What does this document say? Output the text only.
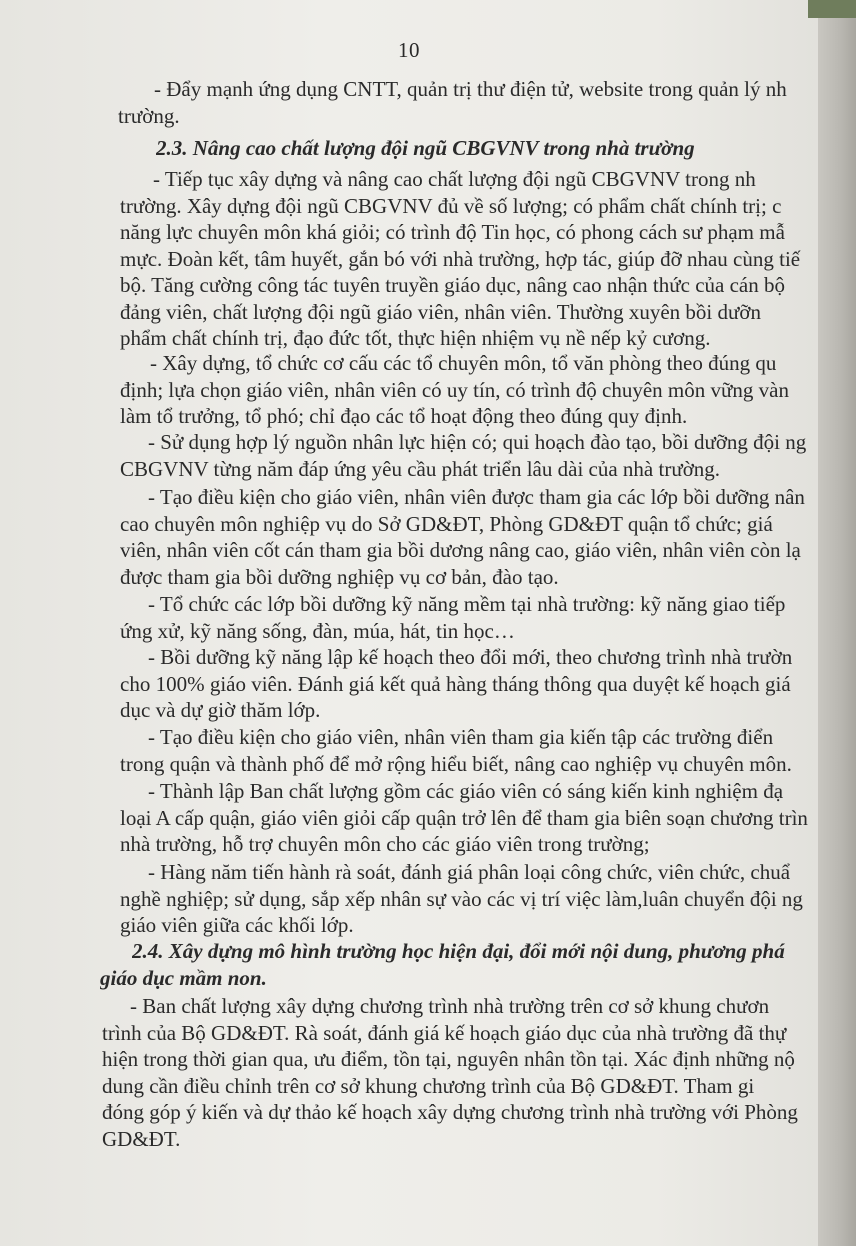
10
- Đẩy mạnh ứng dụng CNTT, quản trị thư điện tử, website trong quản lý nh
trường.
2.3. Nâng cao chất lượng đội ngũ CBGVNV trong nhà trường
- Tiếp tục xây dựng và nâng cao chất lượng đội ngũ CBGVNV trong nh
trường. Xây dựng đội ngũ CBGVNV đủ về số lượng; có phẩm chất chính trị; c
năng lực chuyên môn khá giỏi; có trình độ Tin học, có phong cách sư phạm mẫ
mực. Đoàn kết, tâm huyết, gắn bó với nhà trường, hợp tác, giúp đỡ nhau cùng tiế
bộ. Tăng cường công tác tuyên truyền giáo dục, nâng cao nhận thức của cán bộ
đảng viên, chất lượng đội ngũ giáo viên, nhân viên. Thường xuyên bồi dưỡn
phẩm chất chính trị, đạo đức tốt, thực hiện nhiệm vụ nề nếp kỷ cương.
- Xây dựng, tổ chức cơ cấu các tổ chuyên môn, tổ văn phòng theo đúng qu
định; lựa chọn giáo viên, nhân viên có uy tín, có trình độ chuyên môn vững vàn
làm tổ trưởng, tổ phó; chỉ đạo các tổ hoạt động theo đúng quy định.
- Sử dụng hợp lý nguồn nhân lực hiện có; qui hoạch đào tạo, bồi dưỡng đội ng
CBGVNV từng năm đáp ứng yêu cầu phát triển lâu dài của nhà trường.
- Tạo điều kiện cho giáo viên, nhân viên được tham gia các lớp bồi dưỡng nân
cao chuyên môn nghiệp vụ do Sở GD&ĐT, Phòng GD&ĐT quận tổ chức; giá
viên, nhân viên cốt cán tham gia bồi dương nâng cao, giáo viên, nhân viên còn lạ
được tham gia bồi dưỡng nghiệp vụ cơ bản, đào tạo.
- Tổ chức các lớp bồi dưỡng kỹ năng mềm tại nhà trường: kỹ năng giao tiếp
ứng xử, kỹ năng sống, đàn, múa, hát, tin học…
- Bồi dưỡng kỹ năng lập kế hoạch theo đổi mới, theo chương trình nhà trườn
cho 100% giáo viên. Đánh giá kết quả hàng tháng thông qua duyệt kế hoạch giá
dục và dự giờ thăm lớp.
- Tạo điều kiện cho giáo viên, nhân viên tham gia kiến tập các trường điển
trong quận và thành phố để mở rộng hiểu biết, nâng cao nghiệp vụ chuyên môn.
- Thành lập Ban chất lượng gồm các giáo viên có sáng kiến kinh nghiệm đạ
loại A cấp quận, giáo viên giỏi cấp quận trở lên để tham gia biên soạn chương trìn
nhà trường, hỗ trợ chuyên môn cho các giáo viên trong trường;
- Hàng năm tiến hành rà soát, đánh giá phân loại công chức, viên chức, chuẩ
nghề nghiệp; sử dụng, sắp xếp nhân sự vào các vị trí việc làm,luân chuyển đội ng
giáo viên giữa các khối lớp.
2.4. Xây dựng mô hình trường học hiện đại, đổi mới nội dung, phương phá
giáo dục mầm non.
- Ban chất lượng xây dựng chương trình nhà trường trên cơ sở khung chươn
trình của Bộ GD&ĐT. Rà soát, đánh giá kế hoạch giáo dục của nhà trường đã thự
hiện trong thời gian qua, ưu điểm, tồn tại, nguyên nhân tồn tại. Xác định những nộ
dung cần điều chỉnh trên cơ sở khung chương trình của Bộ GD&ĐT. Tham gi
đóng góp ý kiến và dự thảo kế hoạch xây dựng chương trình nhà trường với Phòng
GD&ĐT.
